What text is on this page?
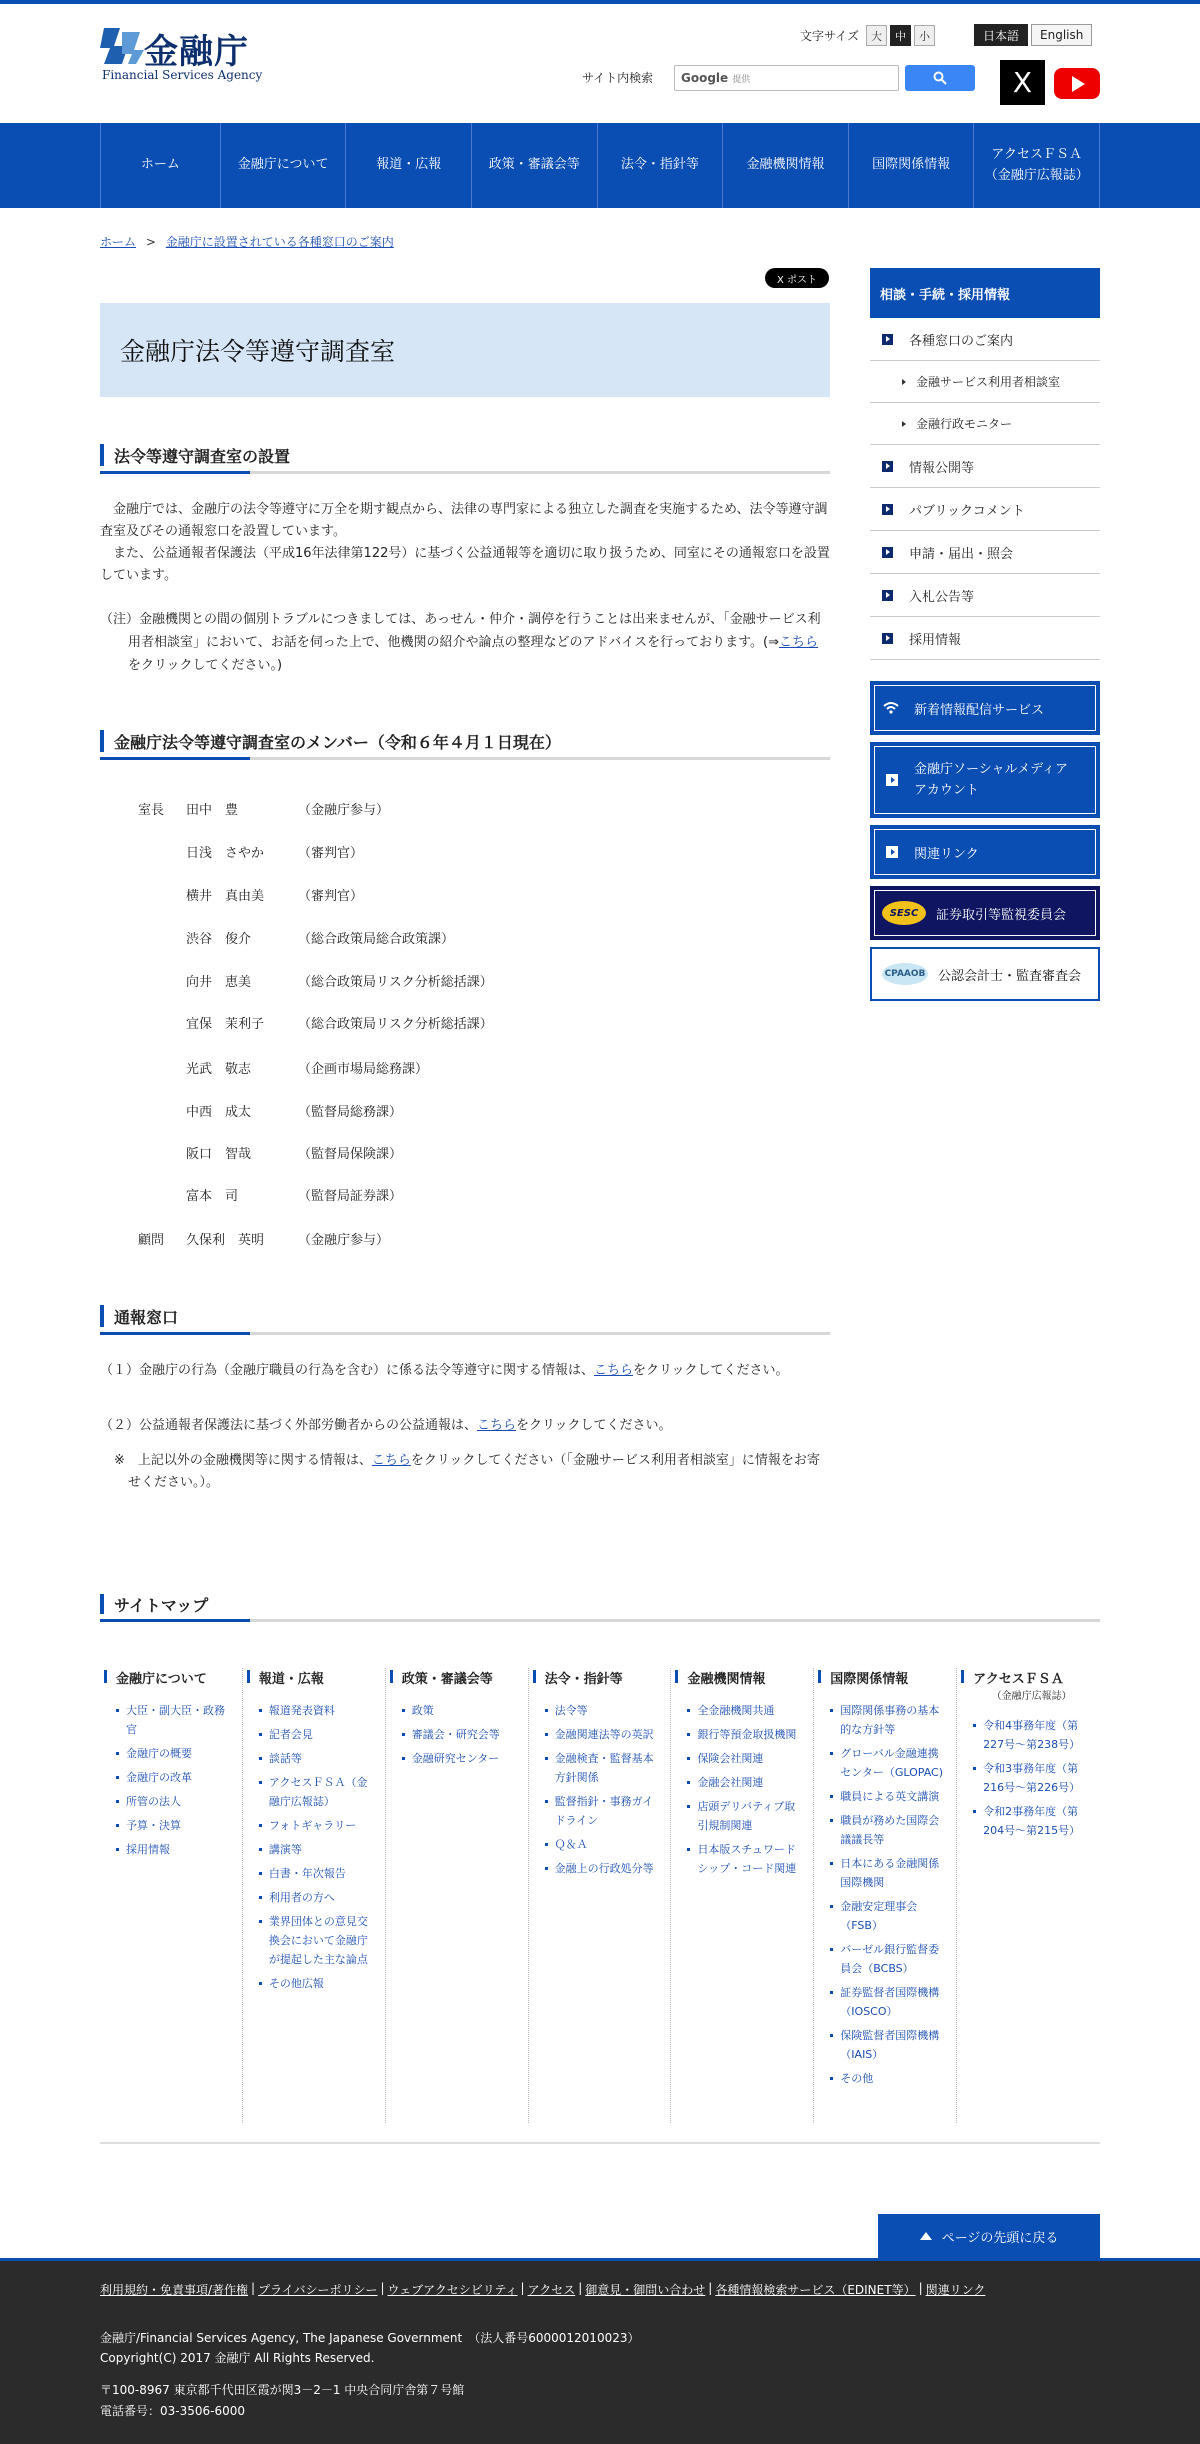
金融庁
Financial Services Agency
文字サイズ	大	中	小	日本語	English
サイト内検索 Google 提供	X
ホーム	金融庁について	報道・広報	政策・審議会等	法令・指針等	金融機関情報	国際関係情報
アクセスＦＳＡ
（金融庁広報誌）
ホーム > 金融庁に設置されている各種窓口のご案内
X ポスト
金融庁法令等遵守調査室
法令等遵守調査室の設置

金融庁では、金融庁の法令等遵守に万全を期す観点から、法律の専門家による独立した調査を実施するため、法令等遵守調査室及びその通報窓口を設置しています。

また、公益通報者保護法（平成16年法律第122号）に基づく公益通報等を適切に取り扱うため、同室にその通報窓口を設置しています。

（注）金融機関との間の個別トラブルにつきましては、あっせん・仲介・調停を行うことは出来ませんが、「金融サービス利用者相談室」において、お話を伺った上で、他機関の紹介や論点の整理などのアドバイスを行っております。(⇒こちらをクリックしてください。)
金融庁法令等遵守調査室のメンバー（令和６年４月１日現在）
室長	田中　豊	（金融庁参与）
日浅　さやか	（審判官）
横井　真由美	（審判官）
渋谷　俊介	（総合政策局総合政策課）
向井　恵美	（総合政策局リスク分析総括課）
宜保　茉利子	（総合政策局リスク分析総括課）
光武　敬志	（企画市場局総務課）
中西　成太	（監督局総務課）
阪口　智哉	（監督局保険課）
富本　司	（監督局証券課）
顧問	久保利　英明	（金融庁参与）
通報窓口
（１）金融庁の行為（金融庁職員の行為を含む）に係る法令等遵守に関する情報は、こちらをクリックしてください。
（２）公益通報者保護法に基づく外部労働者からの公益通報は、こちらをクリックしてください。
※　上記以外の金融機関等に関する情報は、こちらをクリックしてください（「金融サービス利用者相談室」に情報をお寄せください。）。
相談・手続・採用情報
各種窓口のご案内
金融サービス利用者相談室
金融行政モニター
情報公開等
パブリックコメント
申請・届出・照会
入札公告等
採用情報
新着情報配信サービス
金融庁ソーシャルメディア
アカウント
関連リンク
SESC	証券取引等監視委員会
CPAAOB 公認会計士・監査審査会
サイトマップ
金融庁について
大臣・副大臣・政務官
金融庁の概要
金融庁の改革
所管の法人
予算・決算
採用情報
報道・広報
報道発表資料
記者会見
談話等
アクセスＦＳＡ（金融庁広報誌）
フォトギャラリー
講演等
白書・年次報告
利用者の方へ
業界団体との意見交換会において金融庁が提起した主な論点
その他広報
政策・審議会等
政策
審議会・研究会等
金融研究センター
法令・指針等
法令等
金融関連法等の英訳
金融検査・監督基本方針関係
監督指針・事務ガイドライン
Ｑ＆Ａ
金融上の行政処分等
金融機関情報
全金融機関共通
銀行等預金取扱機関
保険会社関連
金融会社関連
店頭デリバティブ取引規制関連
日本版スチュワードシップ・コード関連
国際関係情報
国際関係事務の基本的な方針等
グローバル金融連携センター（GLOPAC)
職員による英文講演
職員が務めた国際会議議長等
日本にある金融関係国際機関
金融安定理事会（FSB）
バーゼル銀行監督委員会（BCBS）
証券監督者国際機構（IOSCO）
保険監督者国際機構（IAIS）
その他
アクセスＦＳＡ
（金融庁広報誌）
令和4事務年度（第227号〜第238号）
令和3事務年度（第216号〜第226号）
令和2事務年度（第204号〜第215号）
ページの先頭に戻る
利用規約・免責事項/著作権 | プライバシーポリシー | ウェブアクセシビリティ | アクセス | 御意見・御問い合わせ | 各種情報検索サービス（EDINET等） | 関連リンク
金融庁/Financial Services Agency, The Japanese Government　（法人番号6000012010023）
Copyright(C) 2017 金融庁 All Rights Reserved.
〒100-8967 東京都千代田区霞が関3－2－1 中央合同庁舎第７号館
電話番号：03-3506-6000
